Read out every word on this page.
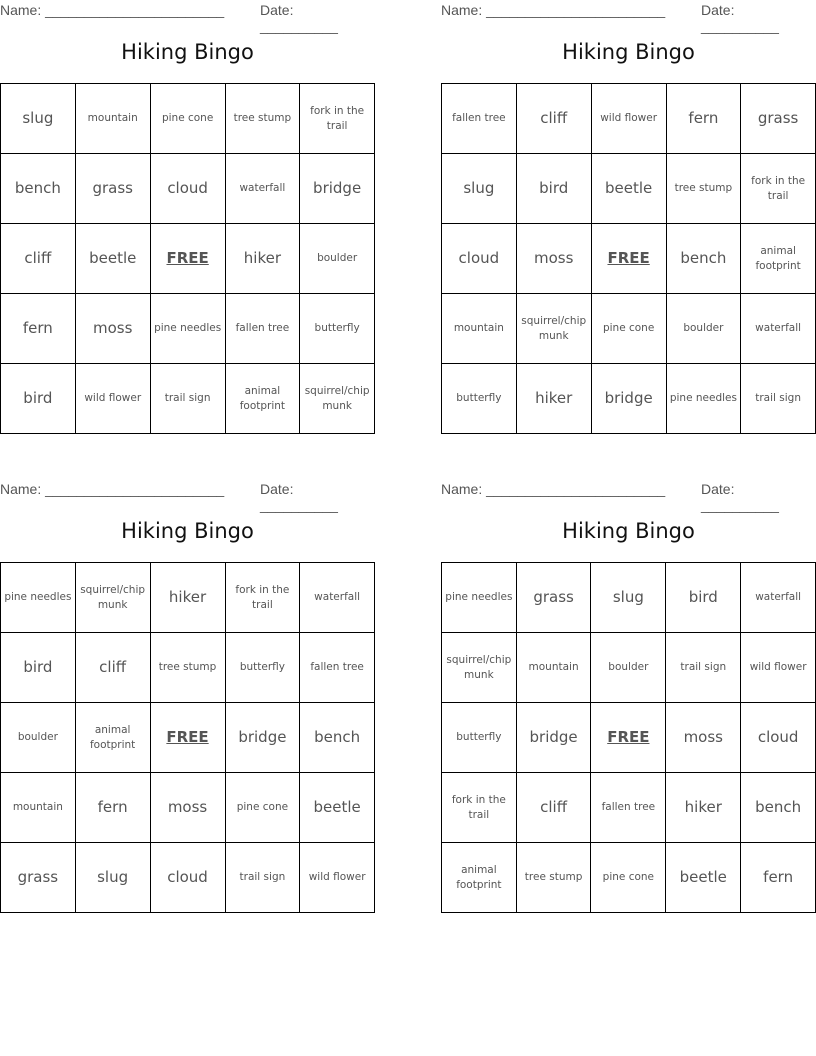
Name: _______________________	Date: __________
Hiking Bingo
slug	mountain	pine cone	tree stump	fork in the trail
bench	grass	cloud	waterfall	bridge
cliff	beetle	FREE	hiker	boulder
fern	moss	pine needles	fallen tree	butterfly
bird	wild flower	trail sign	animal footprint	squirrel/chipmunk
Name: _______________________	Date: __________
Hiking Bingo
fallen tree	cliff	wild flower	fern	grass
slug	bird	beetle	tree stump	fork in the trail
cloud	moss	FREE	bench	animal footprint
mountain	squirrel/chipmunk	pine cone	boulder	waterfall
butterfly	hiker	bridge	pine needles	trail sign
Name: _______________________	Date: __________
Hiking Bingo
pine needles	squirrel/chipmunk	hiker	fork in the trail	waterfall
bird	cliff	tree stump	butterfly	fallen tree
boulder	animal footprint	FREE	bridge	bench
mountain	fern	moss	pine cone	beetle
grass	slug	cloud	trail sign	wild flower
Name: _______________________	Date: __________
Hiking Bingo
pine needles	grass	slug	bird	waterfall
squirrel/chipmunk	mountain	boulder	trail sign	wild flower
butterfly	bridge	FREE	moss	cloud
fork in the trail	cliff	fallen tree	hiker	bench
animal footprint	tree stump	pine cone	beetle	fern
